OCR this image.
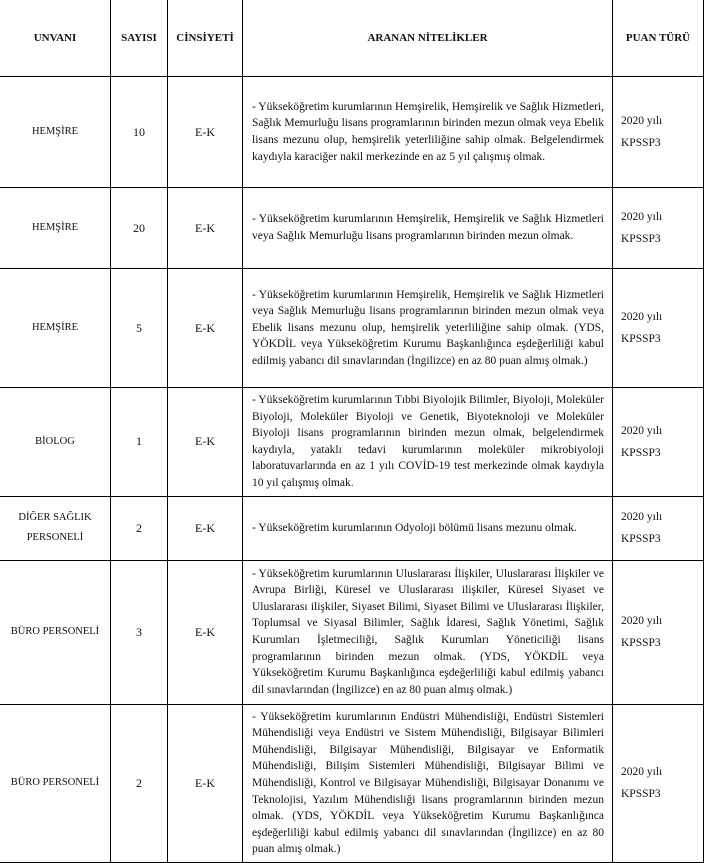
UNVANI	SAYISI	CİNSİYETİ	ARANAN NİTELİKLER	PUAN TÜRÜ
HEMŞİRE	10	E-K	- Yükseköğretim kurumlarının Hemşirelik, Hemşirelik ve Sağlık Hizmetleri, Sağlık Memurluğu lisans programlarının birinden mezun olmak veya Ebelik lisans mezunu olup, hemşirelik yeterliliğine sahip olmak. Belgelendirmek kaydıyla karaciğer nakil merkezinde en az 5 yıl çalışmış olmak.	2020 yılı
KPSSP3

HEMŞİRE	20	E-K	- Yükseköğretim kurumlarının Hemşirelik, Hemşirelik ve Sağlık Hizmetleri veya Sağlık Memurluğu lisans programlarının birinden mezun olmak.	2020 yılı
KPSSP3

HEMŞİRE	5	E-K	- Yükseköğretim kurumlarının Hemşirelik, Hemşirelik ve Sağlık Hizmetleri veya Sağlık Memurluğu lisans programlarının birinden mezun olmak veya Ebelik lisans mezunu olup, hemşirelik yeterliliğine sahip olmak. (YDS, YÖKDİL veya Yükseköğretim Kurumu Başkanlığınca eşdeğerliliği kabul edilmiş yabancı dil sınavlarından (İngilizce) en az 80 puan almış olmak.)	2020 yılı
KPSSP3

BİOLOG	1	E-K	- Yükseköğretim kurumlarının Tıbbi Biyolojik Bilimler, Biyoloji, Moleküler Biyoloji, Moleküler Biyoloji ve Genetik, Biyoteknoloji ve Moleküler Biyoloji lisans programlarının birinden mezun olmak, belgelendirmek kaydıyla, yataklı tedavi kurumlarının moleküler mikrobiyoloji laboratuvarlarında en az 1 yılı COVİD-19 test merkezinde olmak kaydıyla 10 yıl çalışmış olmak.	2020 yılı
KPSSP3

DİĞER SAĞLIK PERSONELİ	2	E-K	- Yükseköğretim kurumlarının Odyoloji bölümü lisans mezunu olmak.	2020 yılı
KPSSP3

BÜRO PERSONELİ	3	E-K	- Yükseköğretim kurumlarının Uluslararası İlişkiler, Uluslararası İlişkiler ve Avrupa Birliği, Küresel ve Uluslararası ilişkiler, Küresel Siyaset ve Uluslararası ilişkiler, Siyaset Bilimi, Siyaset Bilimi ve Uluslararası İlişkiler, Toplumsal ve Siyasal Bilimler, Sağlık İdaresi, Sağlık Yönetimi, Sağlık Kurumları İşletmeciliği, Sağlık Kurumları Yöneticiliği lisans programlarının birinden mezun olmak. (YDS, YÖKDİL veya Yükseköğretim Kurumu Başkanlığınca eşdeğerliliği kabul edilmiş yabancı dil sınavlarından (İngilizce) en az 80 puan almış olmak.)	2020 yılı
KPSSP3

BÜRO PERSONELİ	2	E-K	- Yükseköğretim kurumlarının Endüstri Mühendisliği, Endüstri Sistemleri Mühendisliği veya Endüstri ve Sistem Mühendisliği, Bilgisayar Bilimleri Mühendisliği, Bilgisayar Mühendisliği, Bilgisayar ve Enformatik Mühendisliği, Bilişim Sistemleri Mühendisliği, Bilgisayar Bilimi ve Mühendisliği, Kontrol ve Bilgisayar Mühendisliği, Bilgisayar Donanımı ve Teknolojisi, Yazılım Mühendisliği lisans programlarının birinden mezun olmak. (YDS, YÖKDİL veya Yükseköğretim Kurumu Başkanlığınca eşdeğerliliği kabul edilmiş yabancı dil sınavlarından (İngilizce) en az 80 puan almış olmak.)	2020 yılı
KPSSP3
